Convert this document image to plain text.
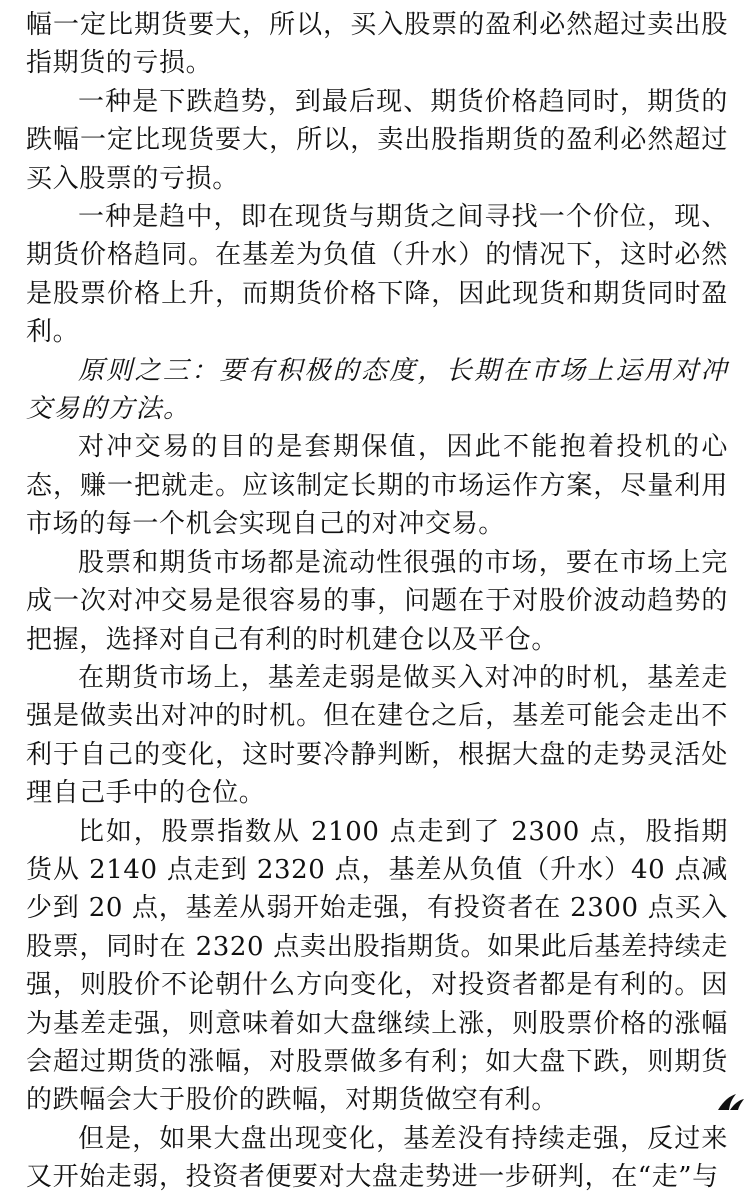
幅一定比期货要大，所以，买入股票的盈利必然超过卖出股指期货的亏损。

一种是下跌趋势，到最后现、期货价格趋同时，期货的跌幅一定比现货要大，所以，卖出股指期货的盈利必然超过买入股票的亏损。

一种是趋中，即在现货与期货之间寻找一个价位，现、期货价格趋同。在基差为负值（升水）的情况下，这时必然是股票价格上升，而期货价格下降，因此现货和期货同时盈利。

原则之三：要有积极的态度，长期在市场上运用对冲交易的方法。

对冲交易的目的是套期保值，因此不能抱着投机的心态，赚一把就走。应该制定长期的市场运作方案，尽量利用市场的每一个机会实现自己的对冲交易。

股票和期货市场都是流动性很强的市场，要在市场上完成一次对冲交易是很容易的事，问题在于对股价波动趋势的把握，选择对自己有利的时机建仓以及平仓。

在期货市场上，基差走弱是做买入对冲的时机，基差走强是做卖出对冲的时机。但在建仓之后，基差可能会走出不利于自己的变化，这时要冷静判断，根据大盘的走势灵活处理自己手中的仓位。

比如，股票指数从 2100 点走到了 2300 点，股指期货从 2140 点走到 2320 点，基差从负值（升水）40 点减少到 20 点，基差从弱开始走强，有投资者在 2300 点买入股票，同时在 2320 点卖出股指期货。如果此后基差持续走强，则股价不论朝什么方向变化，对投资者都是有利的。因为基差走强，则意味着如大盘继续上涨，则股票价格的涨幅会超过期货的涨幅，对股票做多有利；如大盘下跌，则期货的跌幅会大于股价的跌幅，对期货做空有利。

但是，如果大盘出现变化，基差没有持续走强，反过来又开始走弱，投资者便要对大盘走势进一步研判，在“走”与
